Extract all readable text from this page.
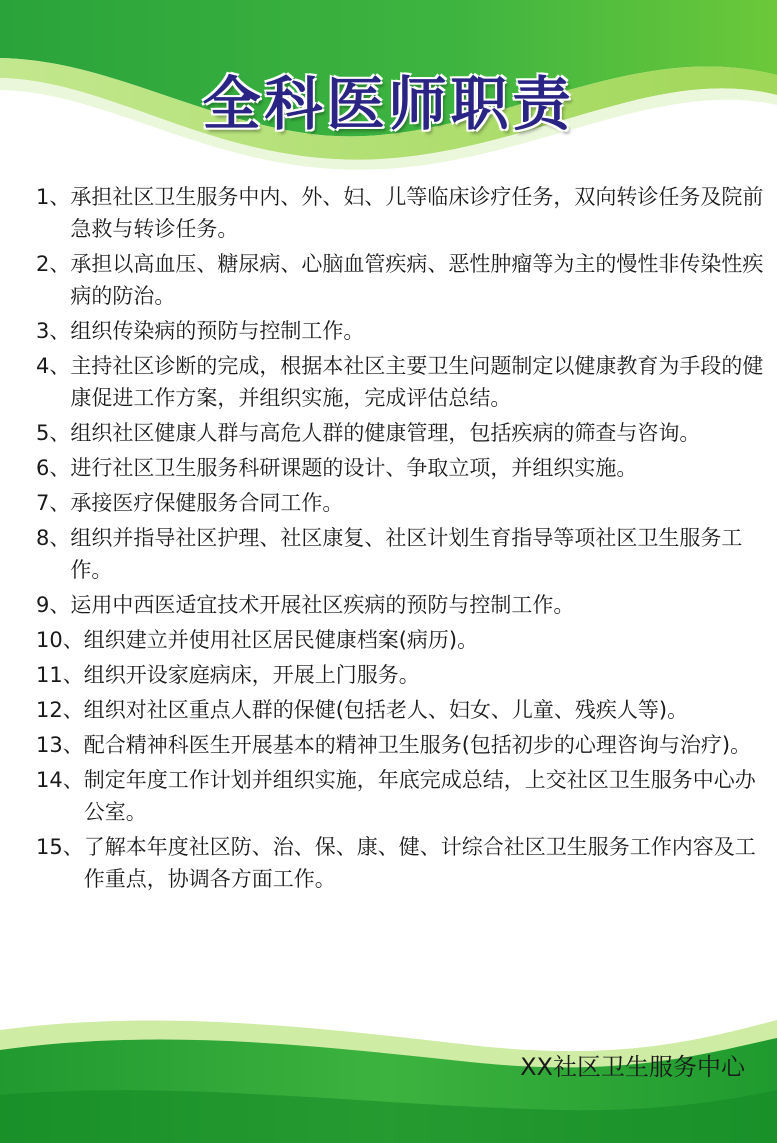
全科医师职责
1、 承担社区卫生服务中内、外、妇、儿等临床诊疗任务，双向转诊任务及院前急救与转诊任务。
2、 承担以高血压、糖尿病、心脑血管疾病、恶性肿瘤等为主的慢性非传染性疾病的防治。
3、 组织传染病的预防与控制工作。
4、 主持社区诊断的完成，根据本社区主要卫生问题制定以健康教育为手段的健康促进工作方案，并组织实施，完成评估总结。
5、 组织社区健康人群与高危人群的健康管理，包括疾病的筛查与咨询。
6、 进行社区卫生服务科研课题的设计、争取立项，并组织实施。
7、 承接医疗保健服务合同工作。
8、 组织并指导社区护理、社区康复、社区计划生育指导等项社区卫生服务工作。
9、 运用中西医适宜技术开展社区疾病的预防与控制工作。
10、 组织建立并使用社区居民健康档案(病历)。
11、 组织开设家庭病床，开展上门服务。
12、 组织对社区重点人群的保健(包括老人、妇女、儿童、残疾人等)。
13、 配合精神科医生开展基本的精神卫生服务(包括初步的心理咨询与治疗)。
14、 制定年度工作计划并组织实施，年底完成总结，上交社区卫生服务中心办公室。
15、 了解本年度社区防、治、保、康、健、计综合社区卫生服务工作内容及工作重点，协调各方面工作。

XX社区卫生服务中心
